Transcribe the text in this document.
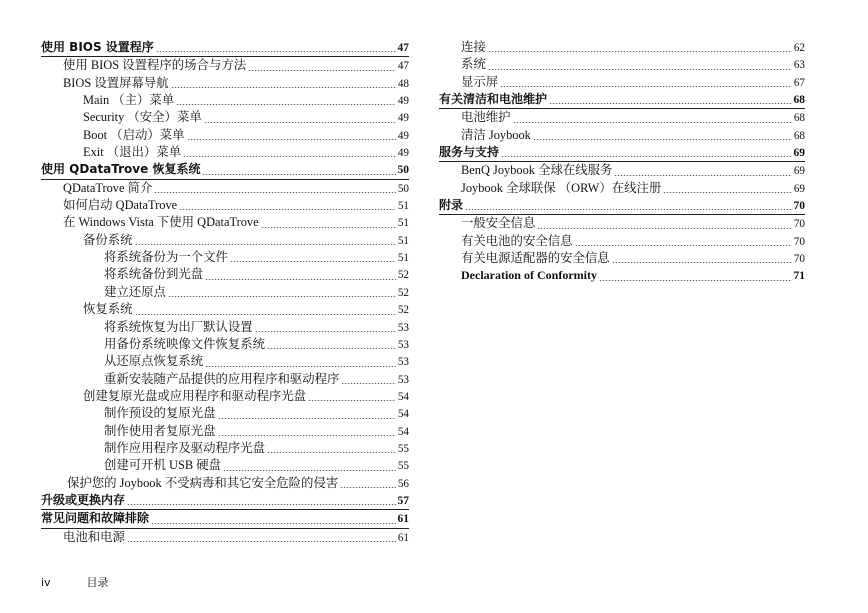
使用 BIOS 设置程序	47
使用 BIOS 设置程序的场合与方法	47
BIOS 设置屏幕导航	48
Main （主）菜单	49
Security （安全）菜单	49
Boot （启动）菜单	49
Exit （退出）菜单	49
使用 QDataTrove 恢复系统	50
QDataTrove 简介	50
如何启动 QDataTrove	51
在 Windows Vista 下使用 QDataTrove	51
备份系统	51
将系统备份为一个文件	51
将系统备份到光盘	52
建立还原点	52
恢复系统	52
将系统恢复为出厂默认设置	53
用备份系统映像文件恢复系统	53
从还原点恢复系统	53
重新安装随产品提供的应用程序和驱动程序	53
创建复原光盘或应用程序和驱动程序光盘	54
制作预设的复原光盘	54
制作使用者复原光盘	54
制作应用程序及驱动程序光盘	55
创建可开机 USB 硬盘	55
保护您的 Joybook 不受病毒和其它安全危险的侵害	56
升级或更换内存	57
常见问题和故障排除	61
电池和电源	61
连接	62
系统	63
显示屏	67
有关清洁和电池维护	68
电池维护	68
清洁 Joybook	68
服务与支持	69
BenQ Joybook 全球在线服务	69
Joybook 全球联保 （ORW）在线注册	69
附录	70
一般安全信息	70
有关电池的安全信息	70
有关电源适配器的安全信息	70
Declaration of Conformity	71
iv	目录
